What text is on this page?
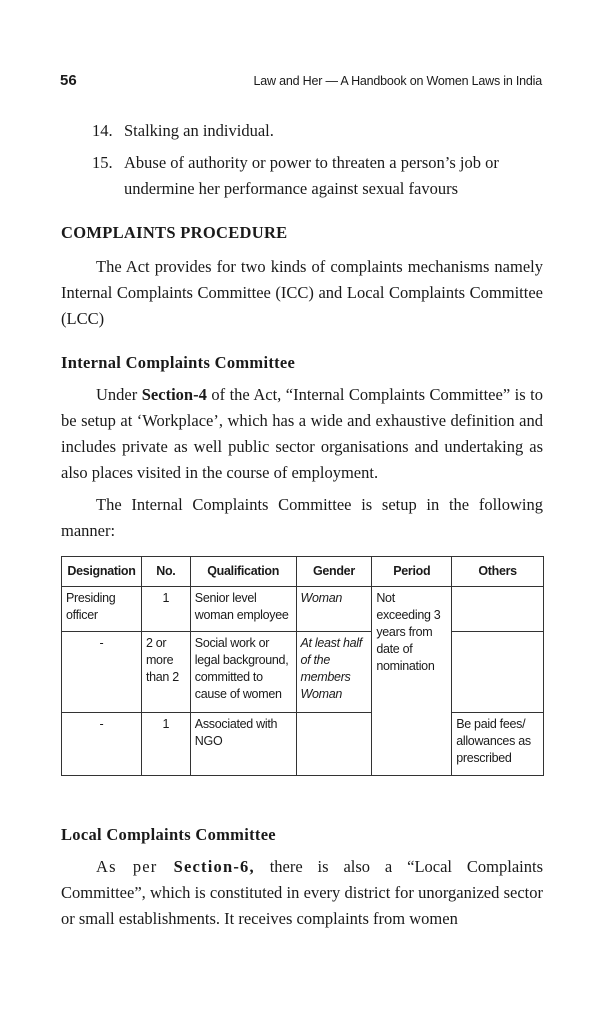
56	Law and Her — A Handbook on Women Laws in India
14. Stalking an individual.
15. Abuse of authority or power to threaten a person’s job or undermine her performance against sexual favours
COMPLAINTS PROCEDURE

The Act provides for two kinds of complaints mechanisms namely Internal Complaints Committee (ICC) and Local Complaints Committee (LCC)

Internal Complaints Committee

Under Section-4 of the Act, “Internal Complaints Committee” is to be setup at ‘Workplace’, which has a wide and exhaustive definition and includes private as well public sector organisations and undertaking as also places visited in the course of employment.

The Internal Complaints Committee is setup in the following manner:

Designation	No.	Qualification	Gender	Period	Others
Presiding officer	1	Senior level woman employee	Woman	Not exceeding 3 years from date of nomination	
-	2 or more than 2	Social work or legal background, committed to cause of women	At least half of the members Woman		
-	1	Associated with NGO			Be paid fees/ allowances as prescribed
Local Complaints Committee

As per Section-6, there is also a “Local Complaints Committee”, which is constituted in every district for unorganized sector or small establishments. It receives complaints from women
